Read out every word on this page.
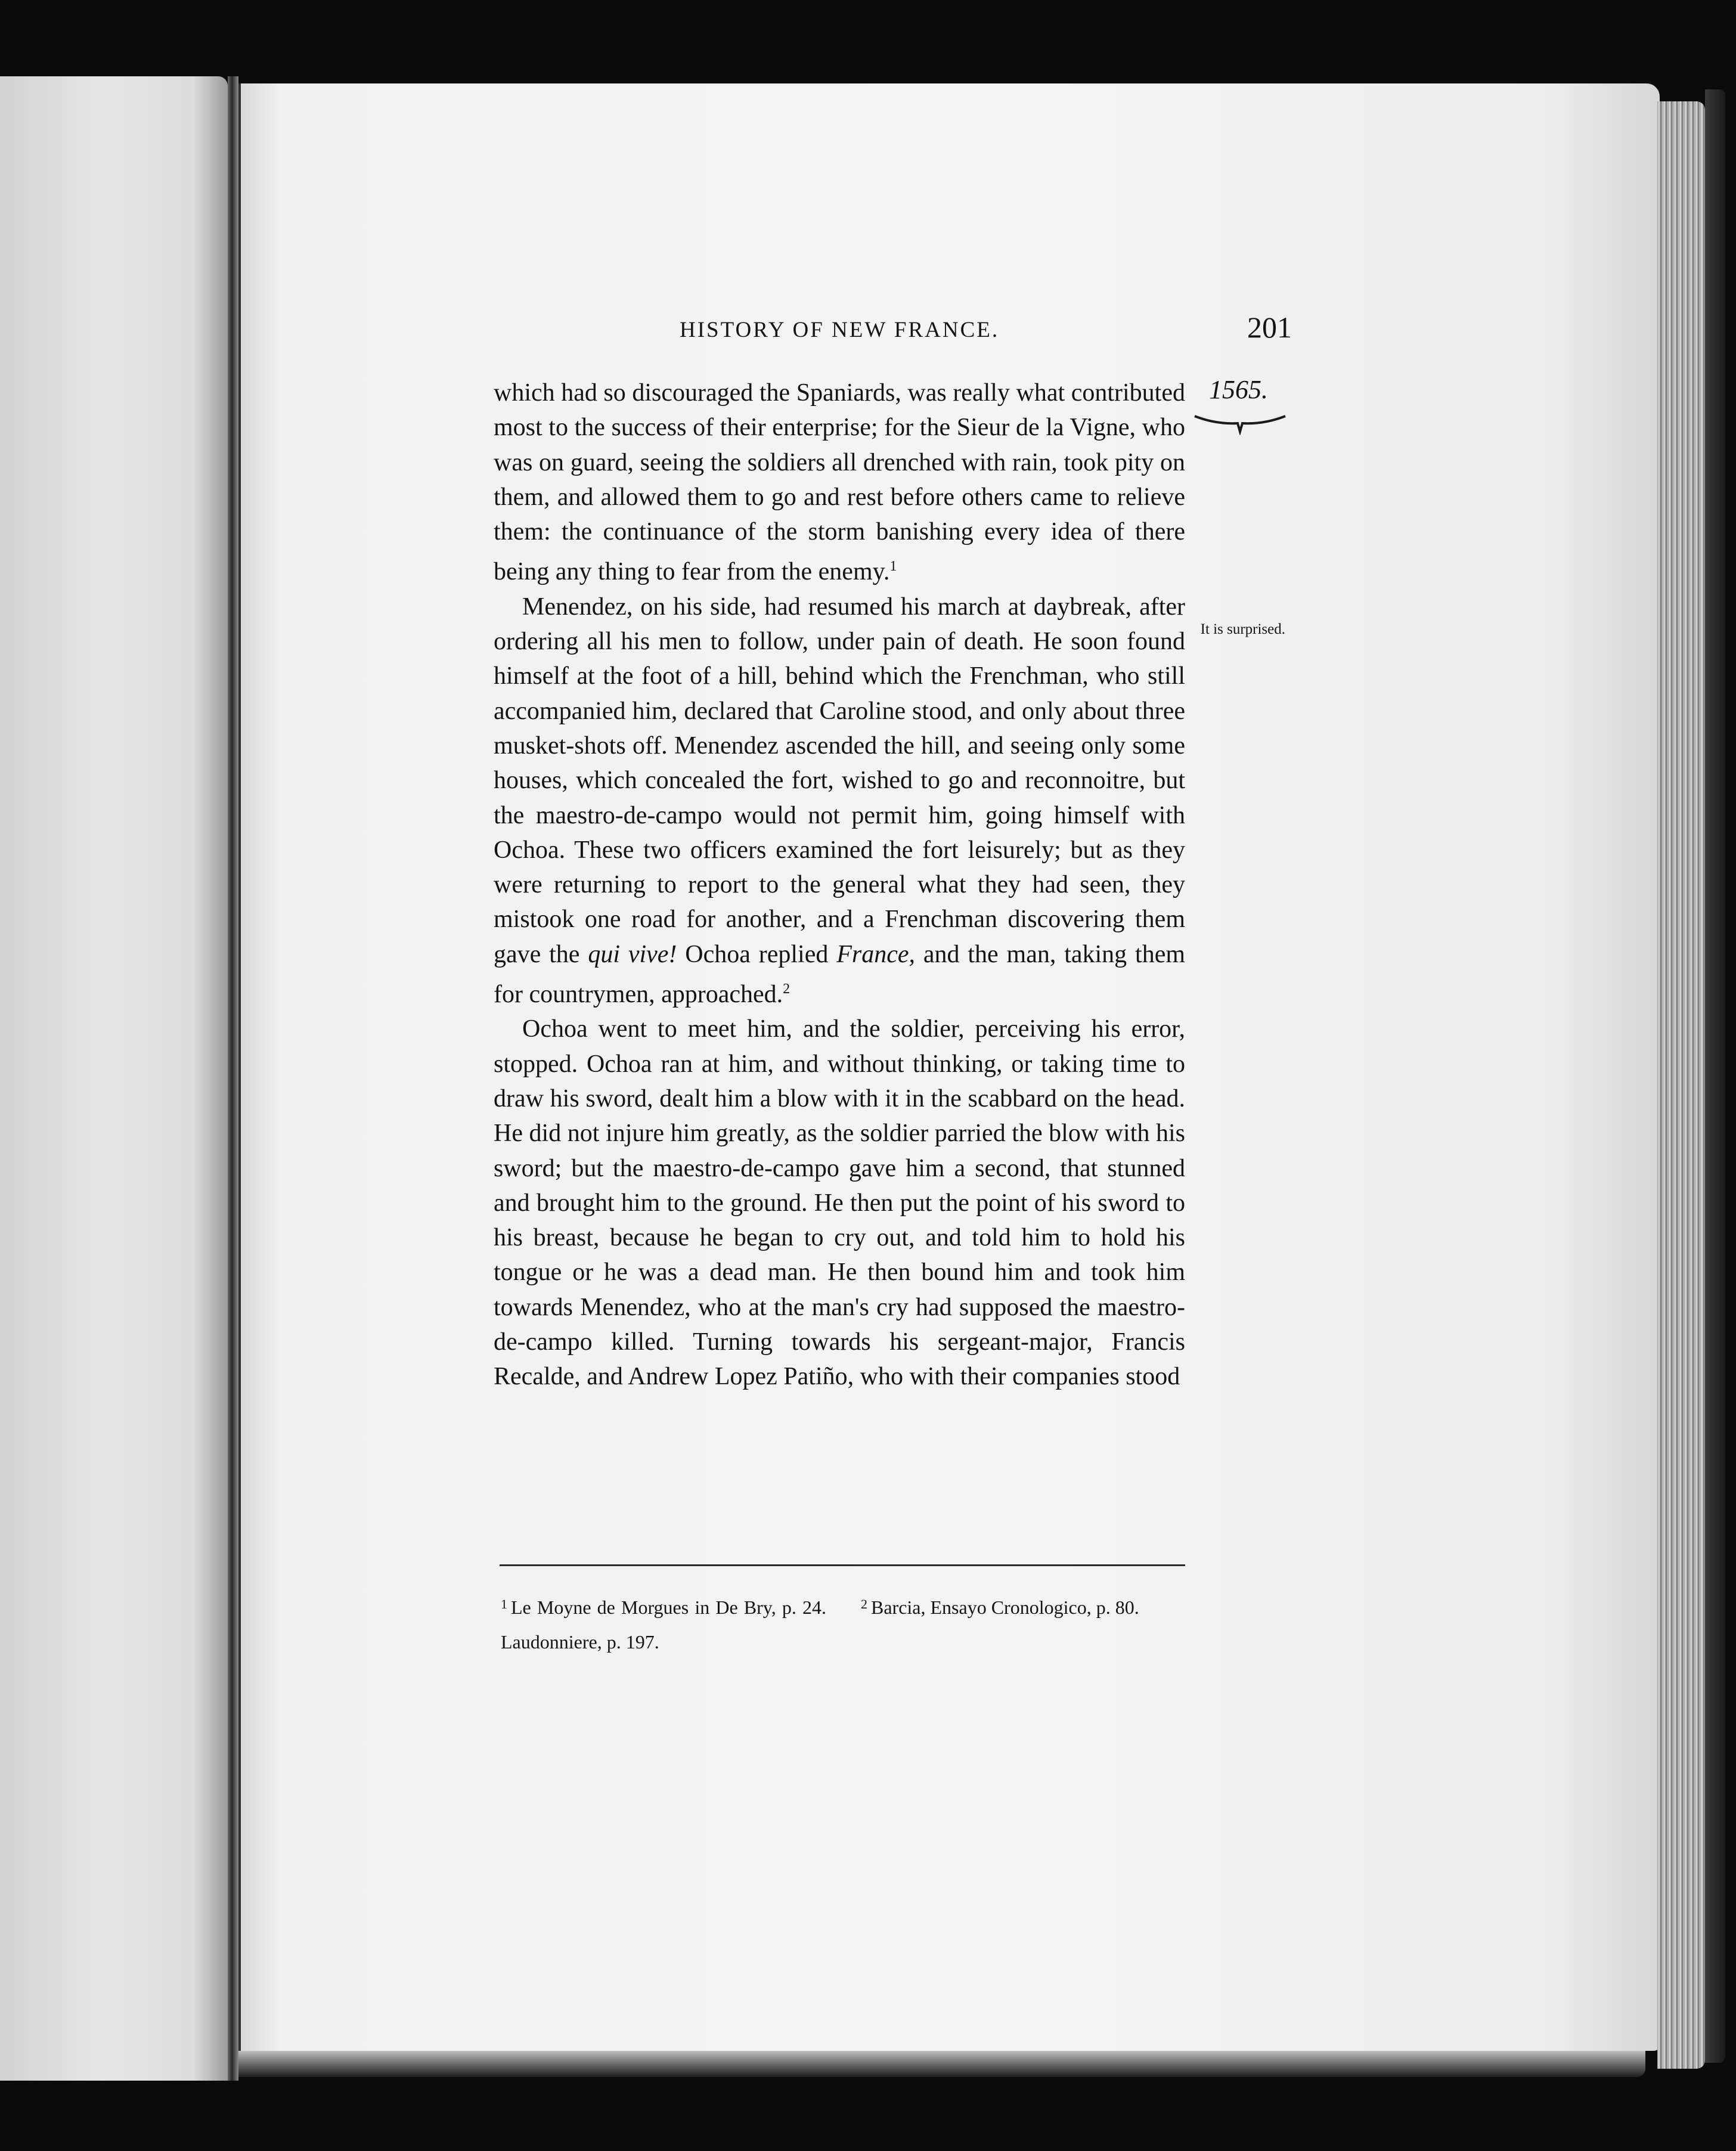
HISTORY OF NEW FRANCE.	201
1565.
It is surprised.

which had so discouraged the Spaniards, was really what contributed most to the success of their enterprise; for the Sieur de la Vigne, who was on guard, seeing the soldiers all drenched with rain, took pity on them, and allowed them to go and rest before others came to relieve them: the continuance of the storm banishing every idea of there being any thing to fear from the enemy.$^1$

Menendez, on his side, had resumed his march at daybreak, after ordering all his men to follow, under pain of death. He soon found himself at the foot of a hill, behind which the Frenchman, who still accompanied him, declared that Caroline stood, and only about three musket-shots off. Menendez ascended the hill, and seeing only some houses, which concealed the fort, wished to go and reconnoitre, but the maestro-de-campo would not permit him, going himself with Ochoa. These two officers examined the fort leisurely; but as they were returning to report to the general what they had seen, they mistook one road for another, and a Frenchman discovering them gave the qui vive! Ochoa replied France, and the man, taking them for countrymen, approached.$^2$

Ochoa went to meet him, and the soldier, perceiving his error, stopped. Ochoa ran at him, and without thinking, or taking time to draw his sword, dealt him a blow with it in the scabbard on the head. He did not injure him greatly, as the soldier parried the blow with his sword; but the maestro-de-campo gave him a second, that stunned and brought him to the ground. He then put the point of his sword to his breast, because he began to cry out, and told him to hold his tongue or he was a dead man. He then bound him and took him towards Menendez, who at the man's cry had supposed the maestro-de-campo killed. Turning towards his sergeant-major, Francis Recalde, and Andrew Lopez Patiño, who with their companies stood

$^1$ Le Moyne de Morgues in De Bry, p. 24. Laudonniere, p. 197.
$^2$ Barcia, Ensayo Cronologico, p. 80.
